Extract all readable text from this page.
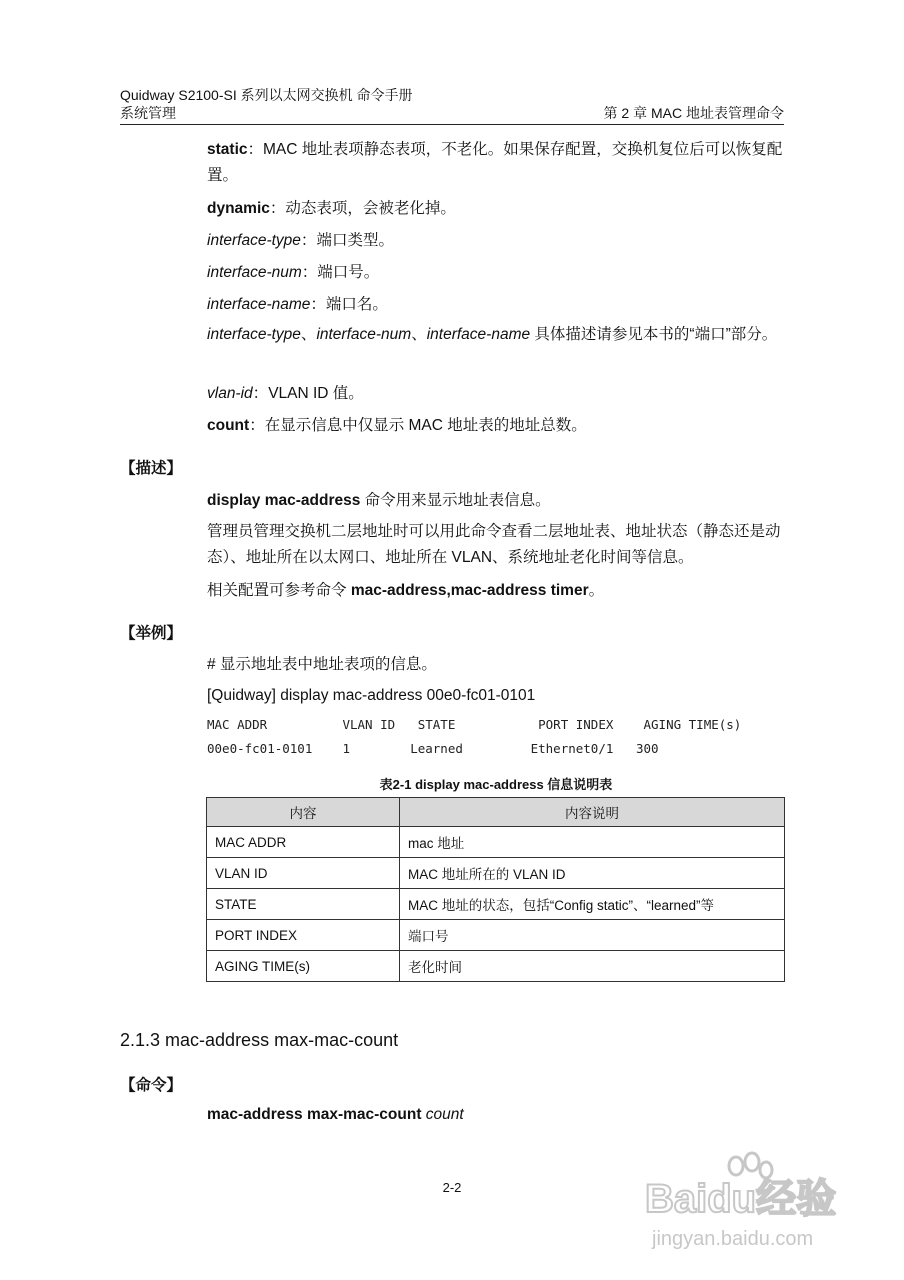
Quidway S2100-SI 系列以太网交换机 命令手册
系统管理	第 2 章 MAC 地址表管理命令
static：MAC 地址表项静态表项，不老化。如果保存配置，交换机复位后可以恢复配置。
dynamic：动态表项，会被老化掉。
interface-type：端口类型。
interface-num：端口号。
interface-name：端口名。
interface-type、interface-num、interface-name 具体描述请参见本书的“端口”部分。
vlan-id：VLAN ID 值。
count：在显示信息中仅显示 MAC 地址表的地址总数。
【描述】
display mac-address 命令用来显示地址表信息。
管理员管理交换机二层地址时可以用此命令查看二层地址表、地址状态（静态还是动态）、地址所在以太网口、地址所在 VLAN、系统地址老化时间等信息。
相关配置可参考命令 mac-address,mac-address timer。
【举例】
# 显示地址表中地址表项的信息。
[Quidway] display mac-address 00e0-fc01-0101
MAC ADDR          VLAN ID   STATE           PORT INDEX    AGING TIME(s)
00e0-fc01-0101    1        Learned         Ethernet0/1   300
表2-1 display mac-address 信息说明表
内容	内容说明
MAC ADDR	mac 地址
VLAN ID	MAC 地址所在的 VLAN ID
STATE	MAC 地址的状态，包括“Config static”、“learned”等
PORT INDEX	端口号
AGING TIME(s)	老化时间
2.1.3 mac-address max-mac-count
【命令】
mac-address max-mac-count count
2-2	Baidu经验
jingyan.baidu.com
